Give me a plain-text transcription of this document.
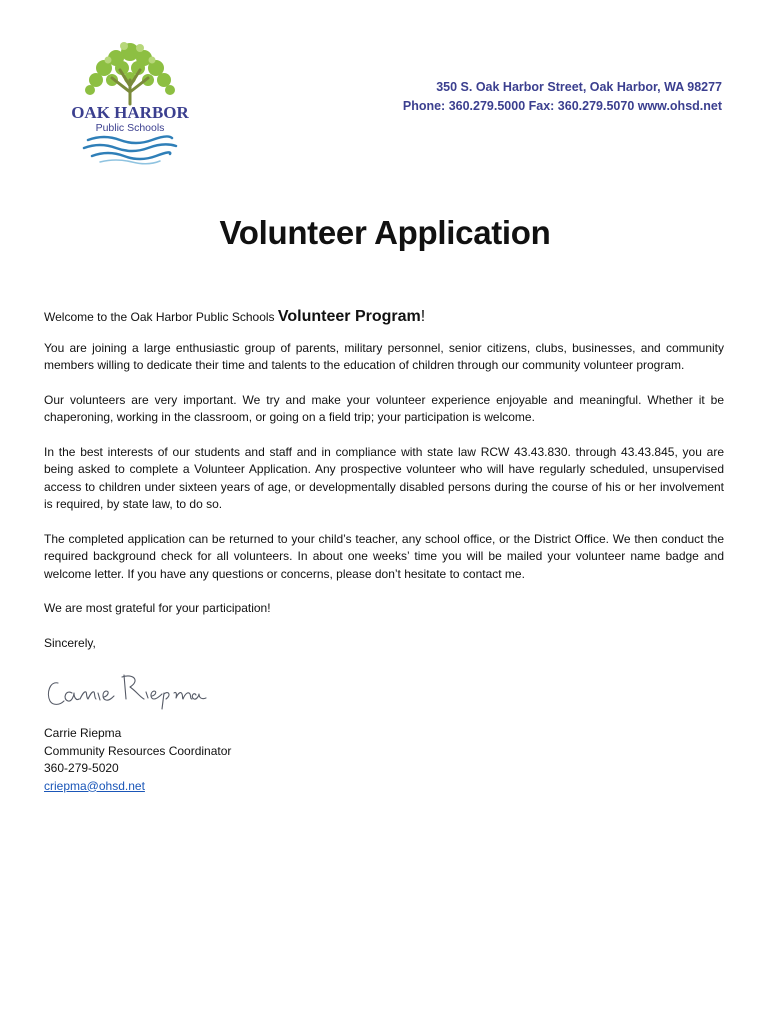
OAK HARBOR
Public Schools
350 S. Oak Harbor Street, Oak Harbor, WA 98277
Phone: 360.279.5000 Fax: 360.279.5070 www.ohsd.net
Volunteer Application

Welcome to the Oak Harbor Public Schools Volunteer Program!

You are joining a large enthusiastic group of parents, military personnel, senior citizens, clubs, businesses, and community members willing to dedicate their time and talents to the education of children through our community volunteer program.

Our volunteers are very important. We try and make your volunteer experience enjoyable and meaningful. Whether it be chaperoning, working in the classroom, or going on a field trip; your participation is welcome.

In the best interests of our students and staff and in compliance with state law RCW 43.43.830. through 43.43.845, you are being asked to complete a Volunteer Application. Any prospective volunteer who will have regularly scheduled, unsupervised access to children under sixteen years of age, or developmentally disabled persons during the course of his or her involvement is required, by state law, to do so.

The completed application can be returned to your child’s teacher, any school office, or the District Office. We then conduct the required background check for all volunteers. In about one weeks’ time you will be mailed your volunteer name badge and welcome letter. If you have any questions or concerns, please don’t hesitate to contact me.

We are most grateful for your participation!

Sincerely,

Carrie Riepma
Community Resources Coordinator
360-279-5020
criepma@ohsd.net
